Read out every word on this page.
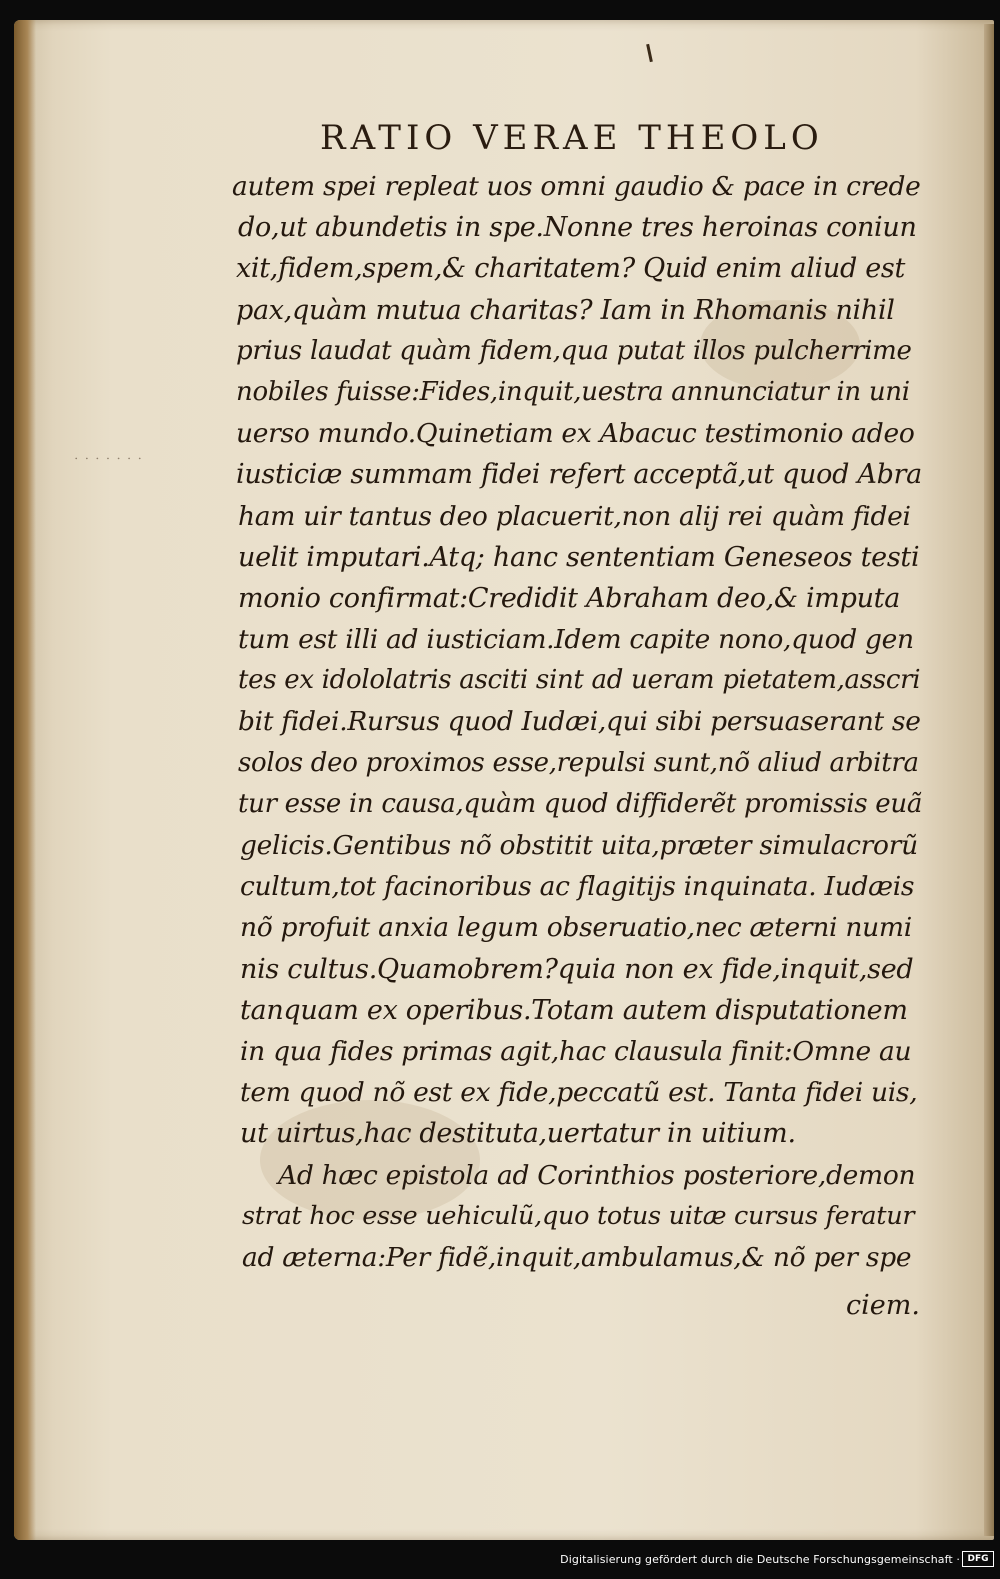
RATIO VERAE THEOLO
⋅ ⋅ ⋅ ⋅ ⋅ ⋅ ⋅
autem spei repleat uos omni gaudio & pace in crede
do,ut abundetis in spe.Nonne tres heroinas coniun
xit,fidem,spem,& charitatem? Quid enim aliud est
pax,quàm mutua charitas? Iam in Rhomanis nihil
prius laudat quàm fidem,qua putat illos pulcherrime
nobiles fuisse:Fides,inquit,uestra annunciatur in uni
uerso mundo.Quinetiam ex Abacuc testimonio adeo
iusticiæ summam fidei refert acceptã,ut quod Abra
ham uir tantus deo placuerit,non alij rei quàm fidei
uelit imputari.Atq; hanc sententiam Geneseos testi
monio confirmat:Credidit Abraham deo,& imputa
tum est illi ad iusticiam.Idem capite nono,quod gen
tes ex idololatris asciti sint ad ueram pietatem,asscri
bit fidei.Rursus quod Iudæi,qui sibi persuaserant se
solos deo proximos esse,repulsi sunt,nõ aliud arbitra
tur esse in causa,quàm quod diffiderẽt promissis euã
gelicis.Gentibus nõ obstitit uita,præter simulacrorũ
cultum,tot facinoribus ac flagitijs inquinata. Iudæis
nõ profuit anxia legum obseruatio,nec æterni numi
nis cultus.Quamobrem?quia non ex fide,inquit,sed
tanquam ex operibus.Totam autem disputationem
in qua fides primas agit,hac clausula finit:Omne au
tem quod nõ est ex fide,peccatũ est. Tanta fidei uis,
ut uirtus,hac destituta,uertatur in uitium.
Ad hæc epistola ad Corinthios posteriore,demon
strat hoc esse uehiculũ,quo totus uitæ cursus feratur
ad æterna:Per fidẽ,inquit,ambulamus,& nõ per spe
ciem.
Digitalisierung gefördert durch die Deutsche Forschungsgemeinschaft · DFG
